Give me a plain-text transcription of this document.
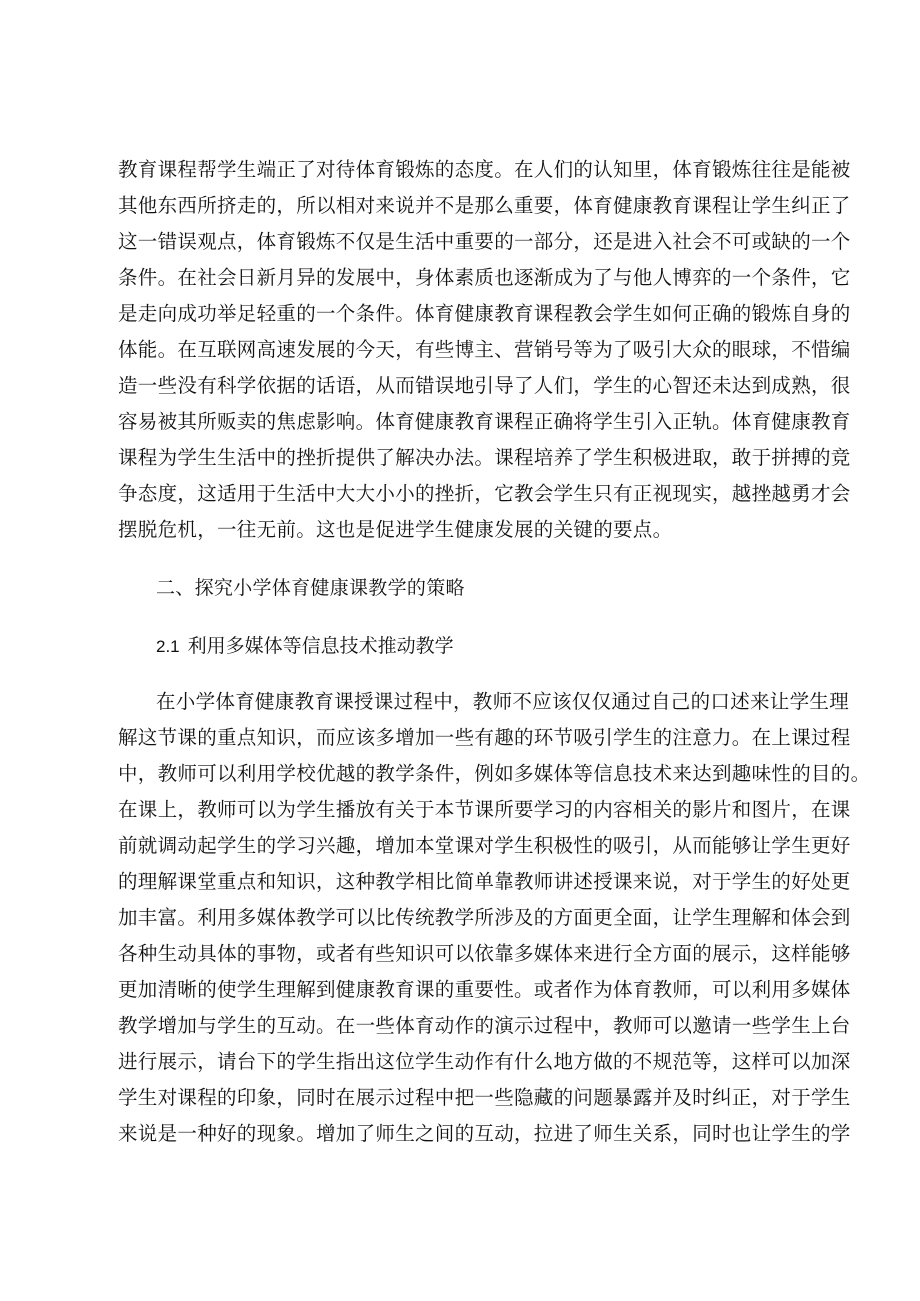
教育课程帮学生端正了对待体育锻炼的态度。在人们的认知里，体育锻炼往往是能被
其他东西所挤走的，所以相对来说并不是那么重要，体育健康教育课程让学生纠正了
这一错误观点，体育锻炼不仅是生活中重要的一部分，还是进入社会不可或缺的一个
条件。在社会日新月异的发展中，身体素质也逐渐成为了与他人博弈的一个条件，它
是走向成功举足轻重的一个条件。体育健康教育课程教会学生如何正确的锻炼自身的
体能。在互联网高速发展的今天，有些博主、营销号等为了吸引大众的眼球，不惜编
造一些没有科学依据的话语，从而错误地引导了人们，学生的心智还未达到成熟，很
容易被其所贩卖的焦虑影响。体育健康教育课程正确将学生引入正轨。体育健康教育
课程为学生生活中的挫折提供了解决办法。课程培养了学生积极进取，敢于拼搏的竞
争态度，这适用于生活中大大小小的挫折，它教会学生只有正视现实，越挫越勇才会
摆脱危机，一往无前。这也是促进学生健康发展的关键的要点。
二、探究小学体育健康课教学的策略
2.1 利用多媒体等信息技术推动教学
在小学体育健康教育课授课过程中，教师不应该仅仅通过自己的口述来让学生理
解这节课的重点知识，而应该多增加一些有趣的环节吸引学生的注意力。在上课过程
中，教师可以利用学校优越的教学条件，例如多媒体等信息技术来达到趣味性的目的。
在课上，教师可以为学生播放有关于本节课所要学习的内容相关的影片和图片，在课
前就调动起学生的学习兴趣，增加本堂课对学生积极性的吸引，从而能够让学生更好
的理解课堂重点和知识，这种教学相比简单靠教师讲述授课来说，对于学生的好处更
加丰富。利用多媒体教学可以比传统教学所涉及的方面更全面，让学生理解和体会到
各种生动具体的事物，或者有些知识可以依靠多媒体来进行全方面的展示，这样能够
更加清晰的使学生理解到健康教育课的重要性。或者作为体育教师，可以利用多媒体
教学增加与学生的互动。在一些体育动作的演示过程中，教师可以邀请一些学生上台
进行展示，请台下的学生指出这位学生动作有什么地方做的不规范等，这样可以加深
学生对课程的印象，同时在展示过程中把一些隐藏的问题暴露并及时纠正，对于学生
来说是一种好的现象。增加了师生之间的互动，拉进了师生关系，同时也让学生的学
